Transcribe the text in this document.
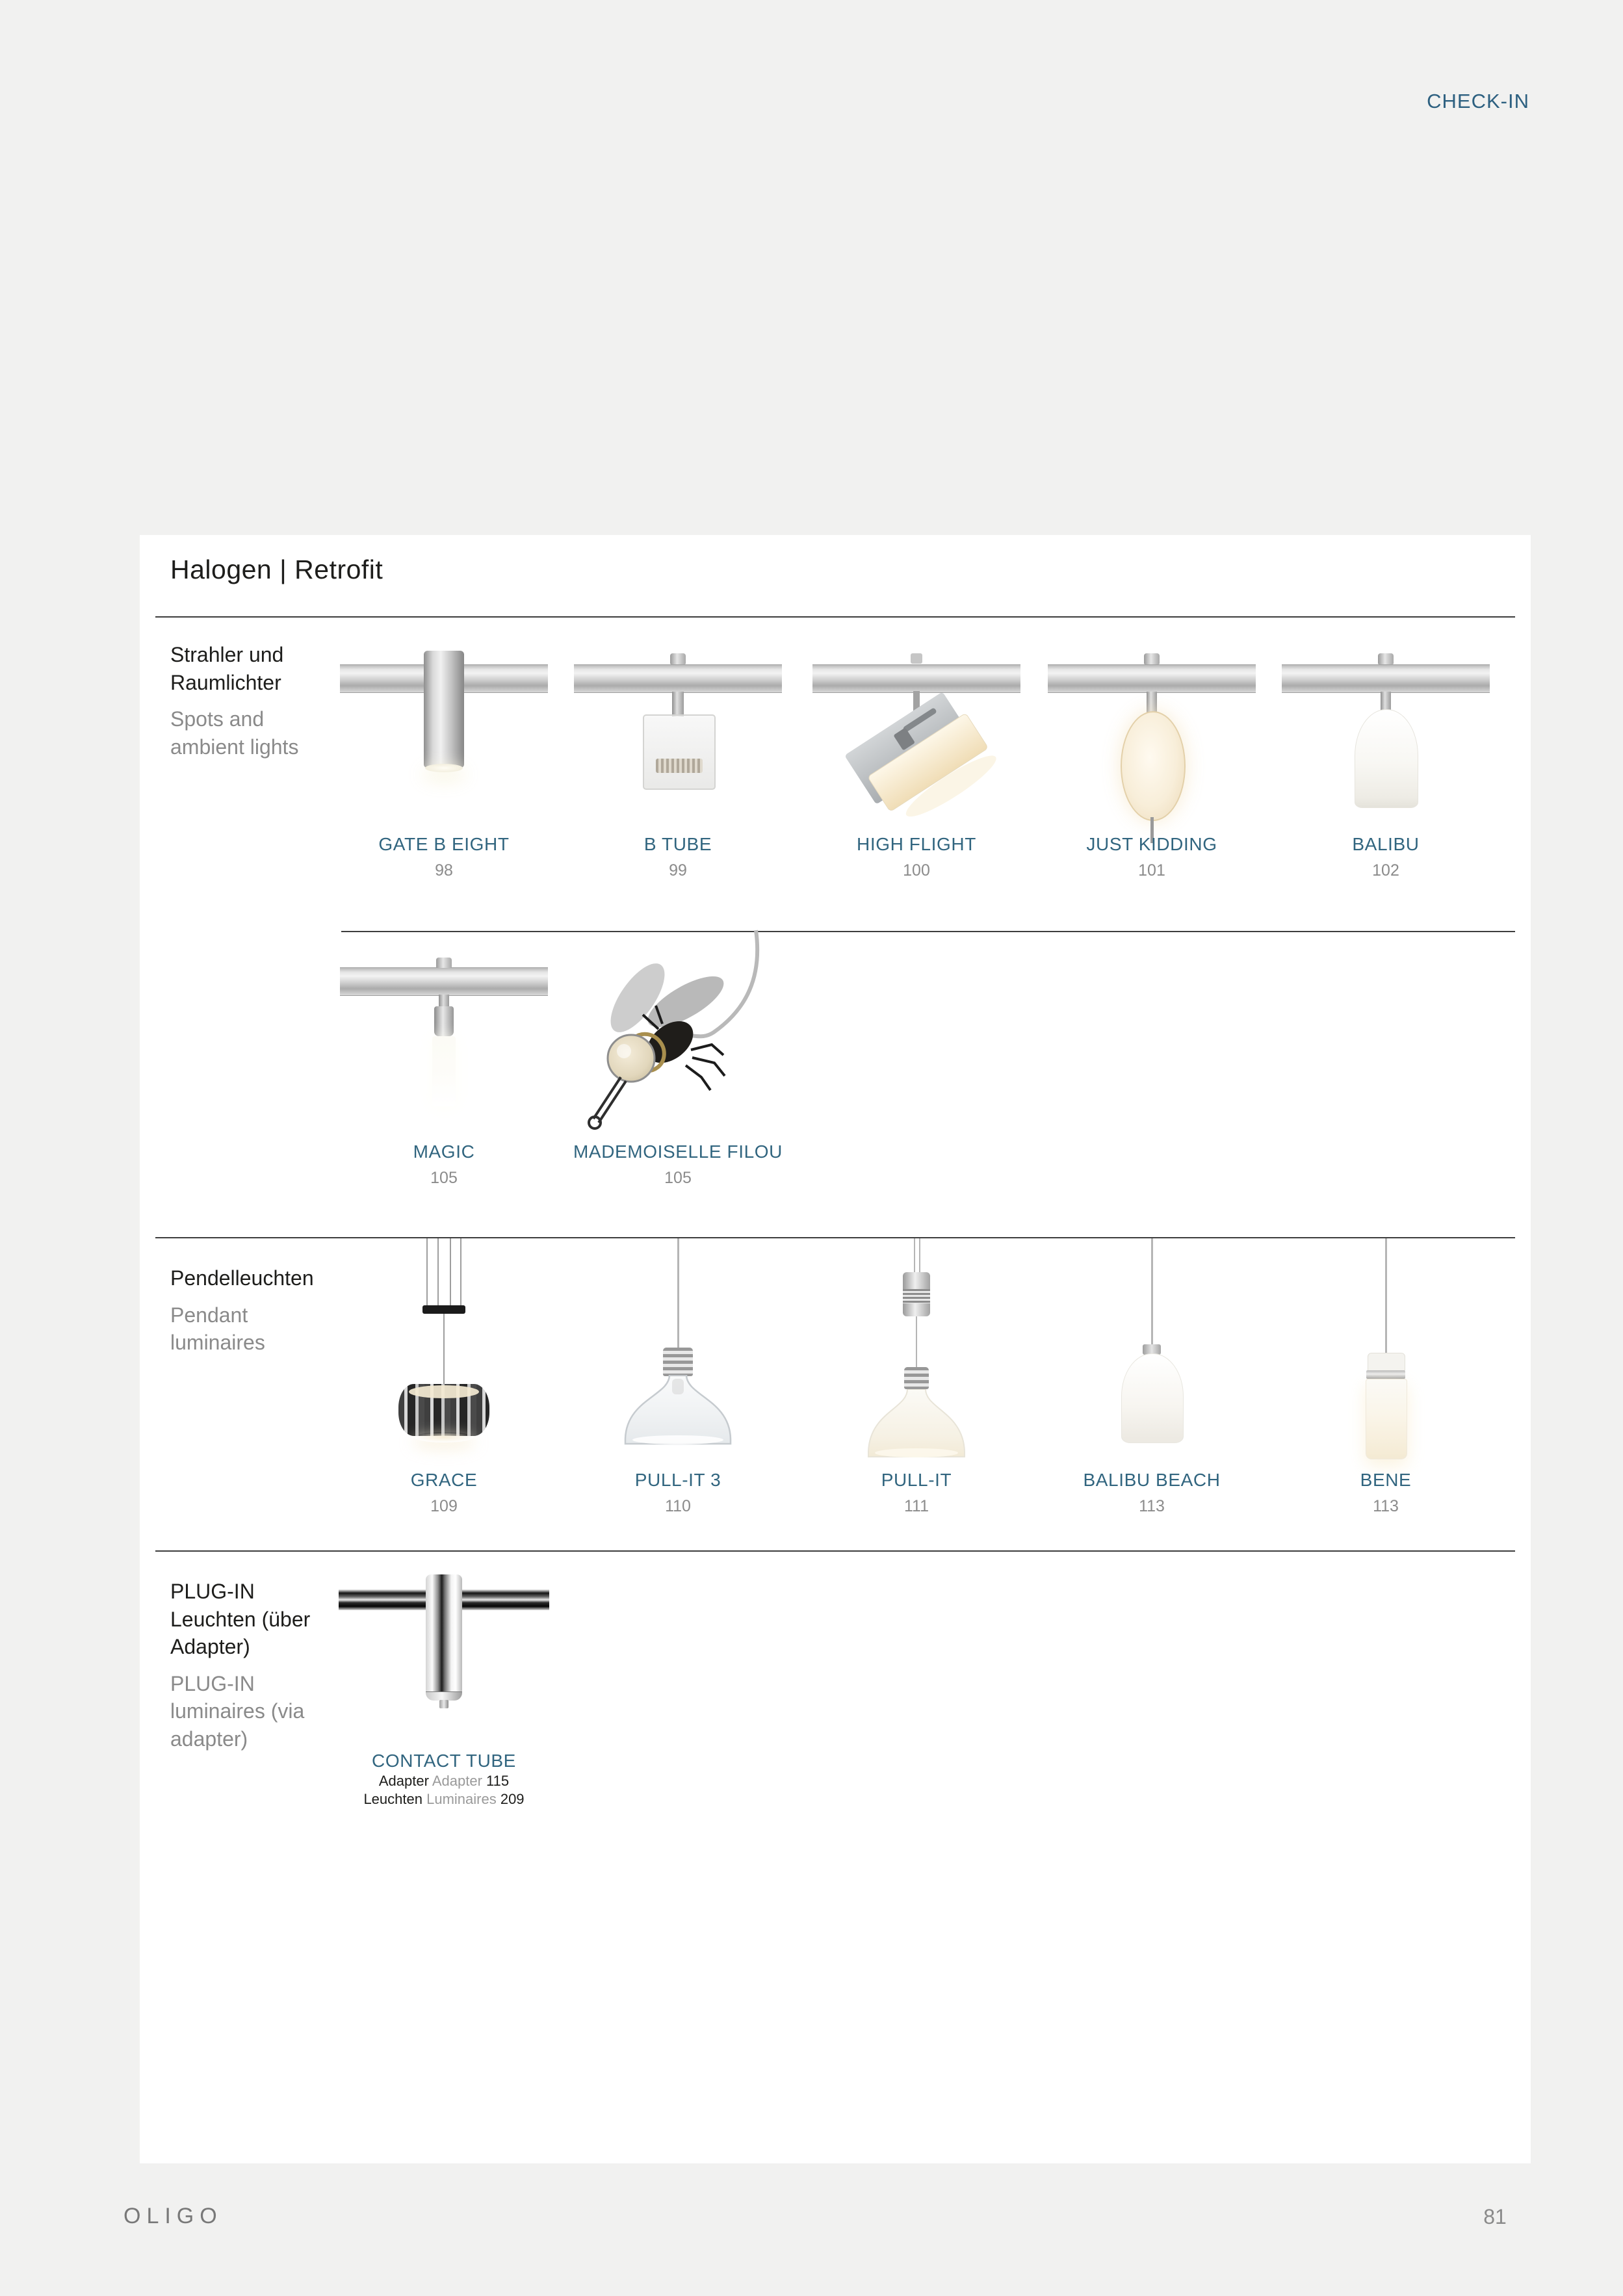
CHECK-IN
Halogen | Retrofit
Strahler und Raumlichter
Spots and ambient lights
GATE B EIGHT
98
B TUBE
99
HIGH FLIGHT
100
JUST KIDDING
101
BALIBU
102
MAGIC
105
MADEMOISELLE FILOU
105
Pendelleuchten
Pendant luminaires
GRACE
109
PULL-IT 3
110
PULL-IT
111
BALIBU BEACH
113
BENE
113
PLUG-IN Leuchten (über Adapter)
PLUG-IN luminaires (via adapter)
CONTACT TUBE
Adapter Adapter 115
Leuchten Luminaires 209
OLIGO	81
